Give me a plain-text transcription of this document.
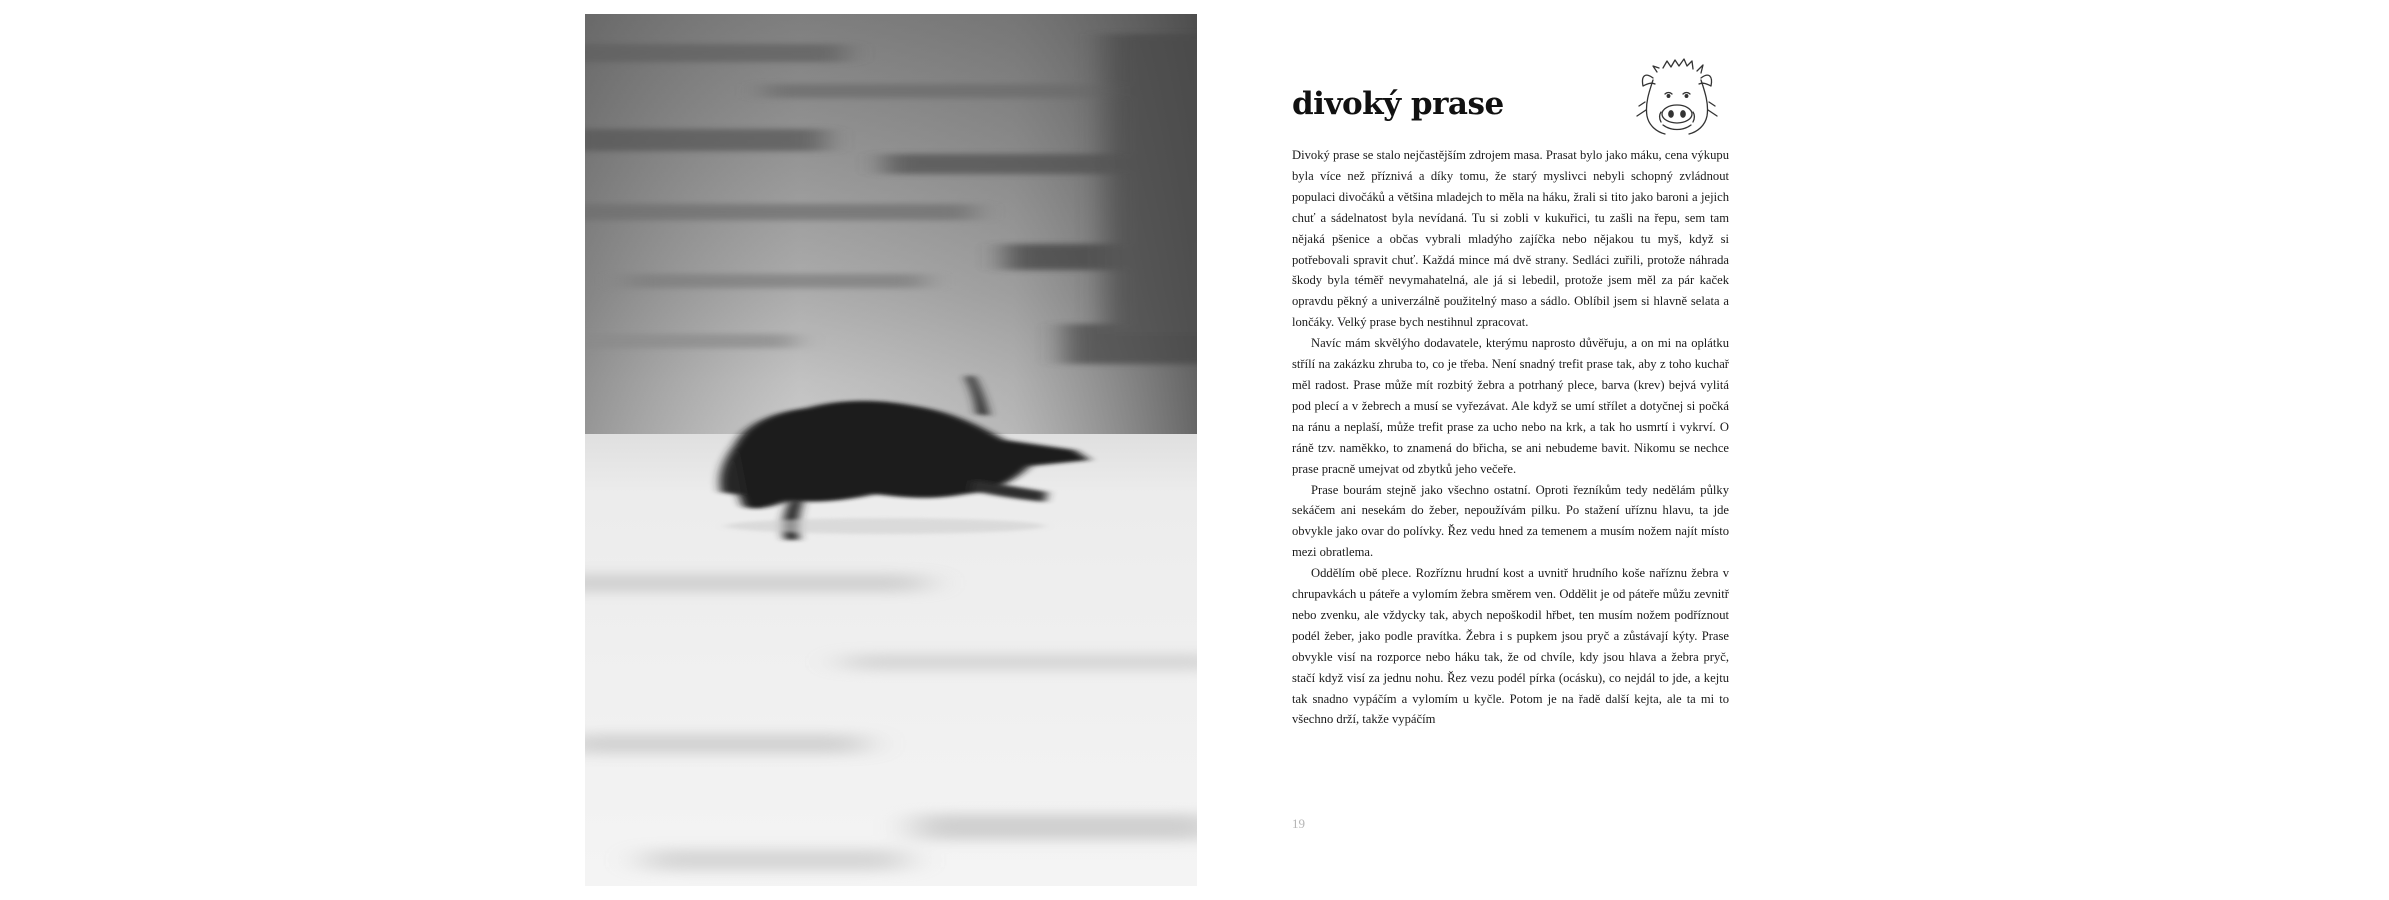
divoký prase

Divoký prase se stalo nejčastějším zdrojem masa. Prasat bylo jako máku, cena výkupu byla více než příznivá a díky tomu, že starý myslivci nebyli schopný zvládnout populaci divočáků a většina mladejch to měla na háku, žrali si tito jako baroni a jejich chuť a sádelnatost byla nevídaná. Tu si zobli v kukuřici, tu zašli na řepu, sem tam nějaká pšenice a občas vybrali mladýho zajíčka nebo nějakou tu myš, když si potřebovali spravit chuť. Každá mince má dvě strany. Sedláci zuřili, protože náhrada škody byla téměř nevymahatelná, ale já si lebedil, protože jsem měl za pár kaček opravdu pěkný a univerzálně použitelný maso a sádlo. Oblíbil jsem si hlavně selata a lončáky. Velký prase bych nestihnul zpracovat.

Navíc mám skvělýho dodavatele, kterýmu naprosto důvěřuju, a on mi na oplátku střílí na zakázku zhruba to, co je třeba. Není snadný trefit prase tak, aby z toho kuchař měl radost. Prase může mít rozbitý žebra a potrhaný plece, barva (krev) bejvá vylitá pod plecí a v žebrech a musí se vyřezávat. Ale když se umí střílet a dotyčnej si počká na ránu a neplaší, může trefit prase za ucho nebo na krk, a tak ho usmrtí i vykrví. O ráně tzv. naměkko, to znamená do břicha, se ani nebudeme bavit. Nikomu se nechce prase pracně umejvat od zbytků jeho večeře.

Prase bourám stejně jako všechno ostatní. Oproti řezníkům tedy nedělám půlky sekáčem ani nesekám do žeber, nepoužívám pilku. Po stažení uříznu hlavu, ta jde obvykle jako ovar do polívky. Řez vedu hned za temenem a musím nožem najít místo mezi obratlema.

Oddělím obě plece. Rozříznu hrudní kost a uvnitř hrudního koše naříznu žebra v chrupavkách u páteře a vylomím žebra směrem ven. Oddělit je od páteře můžu zevnitř nebo zvenku, ale vždycky tak, abych nepoškodil hřbet, ten musím nožem podříznout podél žeber, jako podle pravítka. Žebra i s pupkem jsou pryč a zůstávají kýty. Prase obvykle visí na rozporce nebo háku tak, že od chvíle, kdy jsou hlava a žebra pryč, stačí když visí za jednu nohu. Řez vezu podél pírka (ocásku), co nejdál to jde, a kejtu tak snadno vypáčím a vylomím u kyčle. Potom je na řadě další kejta, ale ta mi to všechno drží, takže vypáčím

19
